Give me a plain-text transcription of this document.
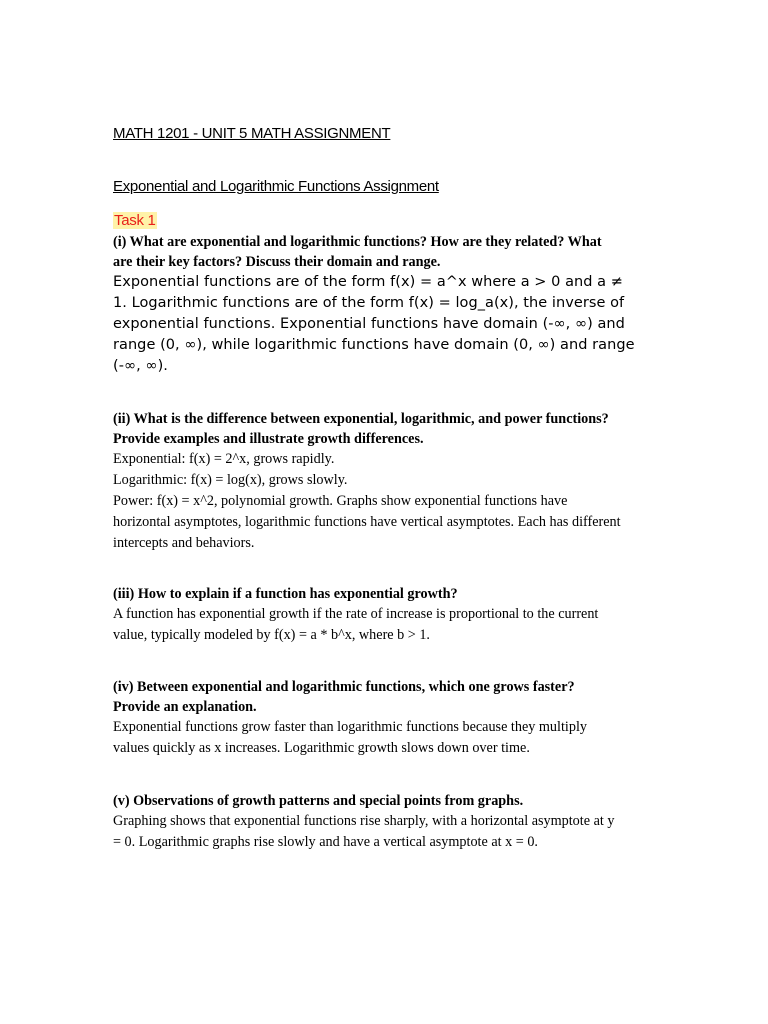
MATH 1201 - UNIT 5 MATH ASSIGNMENT
Exponential and Logarithmic Functions Assignment
Task 1
(i) What are exponential and logarithmic functions? How are they related? What
are their key factors? Discuss their domain and range.
Exponential functions are of the form f(x) = a^x where a > 0 and a ≠
1. Logarithmic functions are of the form f(x) = log_a(x), the inverse of
exponential functions. Exponential functions have domain (-∞, ∞) and
range (0, ∞), while logarithmic functions have domain (0, ∞) and range
(-∞, ∞).
(ii) What is the difference between exponential, logarithmic, and power functions?
Provide examples and illustrate growth differences.
Exponential: f(x) = 2^x, grows rapidly.
Logarithmic: f(x) = log(x), grows slowly.
Power: f(x) = x^2, polynomial growth. Graphs show exponential functions have
horizontal asymptotes, logarithmic functions have vertical asymptotes. Each has different
intercepts and behaviors.
(iii) How to explain if a function has exponential growth?
A function has exponential growth if the rate of increase is proportional to the current
value, typically modeled by f(x) = a * b^x, where b > 1.
(iv) Between exponential and logarithmic functions, which one grows faster?
Provide an explanation.
Exponential functions grow faster than logarithmic functions because they multiply
values quickly as x increases. Logarithmic growth slows down over time.
(v) Observations of growth patterns and special points from graphs.
Graphing shows that exponential functions rise sharply, with a horizontal asymptote at y
= 0. Logarithmic graphs rise slowly and have a vertical asymptote at x = 0.
